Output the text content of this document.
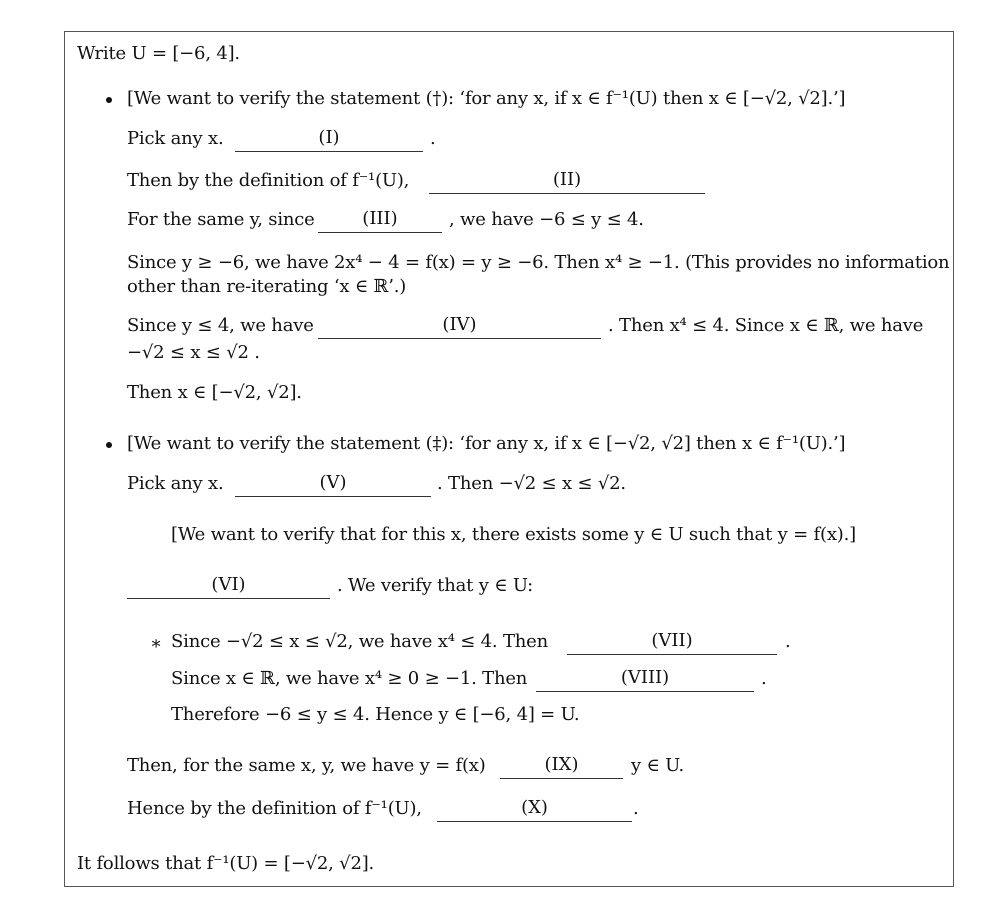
Write U = [−6, 4].
[We want to verify the statement (†): ‘for any x, if x ∈ f⁻¹(U) then x ∈ [−√2, √2].’]
Pick any x.	(I)	.
Then by the definition of f⁻¹(U),	(II)
For the same y, since	(III)	, we have −6 ≤ y ≤ 4.
Since y ≥ −6, we have 2x⁴ − 4 = f(x) = y ≥ −6. Then x⁴ ≥ −1. (This provides no information
other than re-iterating ‘x ∈ ℝ’.)
Since y ≤ 4, we have	(IV)	. Then x⁴ ≤ 4. Since x ∈ ℝ, we have
−√2 ≤ x ≤ √2 .
Then x ∈ [−√2, √2].
[We want to verify the statement (‡): ‘for any x, if x ∈ [−√2, √2] then x ∈ f⁻¹(U).’]
Pick any x.	(V)	. Then −√2 ≤ x ≤ √2.
[We want to verify that for this x, there exists some y ∈ U such that y = f(x).]
(VI)	. We verify that y ∈ U:
∗ Since −√2 ≤ x ≤ √2, we have x⁴ ≤ 4. Then	(VII)	.
Since x ∈ ℝ, we have x⁴ ≥ 0 ≥ −1. Then	(VIII)	.
Therefore −6 ≤ y ≤ 4. Hence y ∈ [−6, 4] = U.
Then, for the same x, y, we have y = f(x)	(IX)	y ∈ U.
Hence by the definition of f⁻¹(U),	(X)	.
It follows that f⁻¹(U) = [−√2, √2].
